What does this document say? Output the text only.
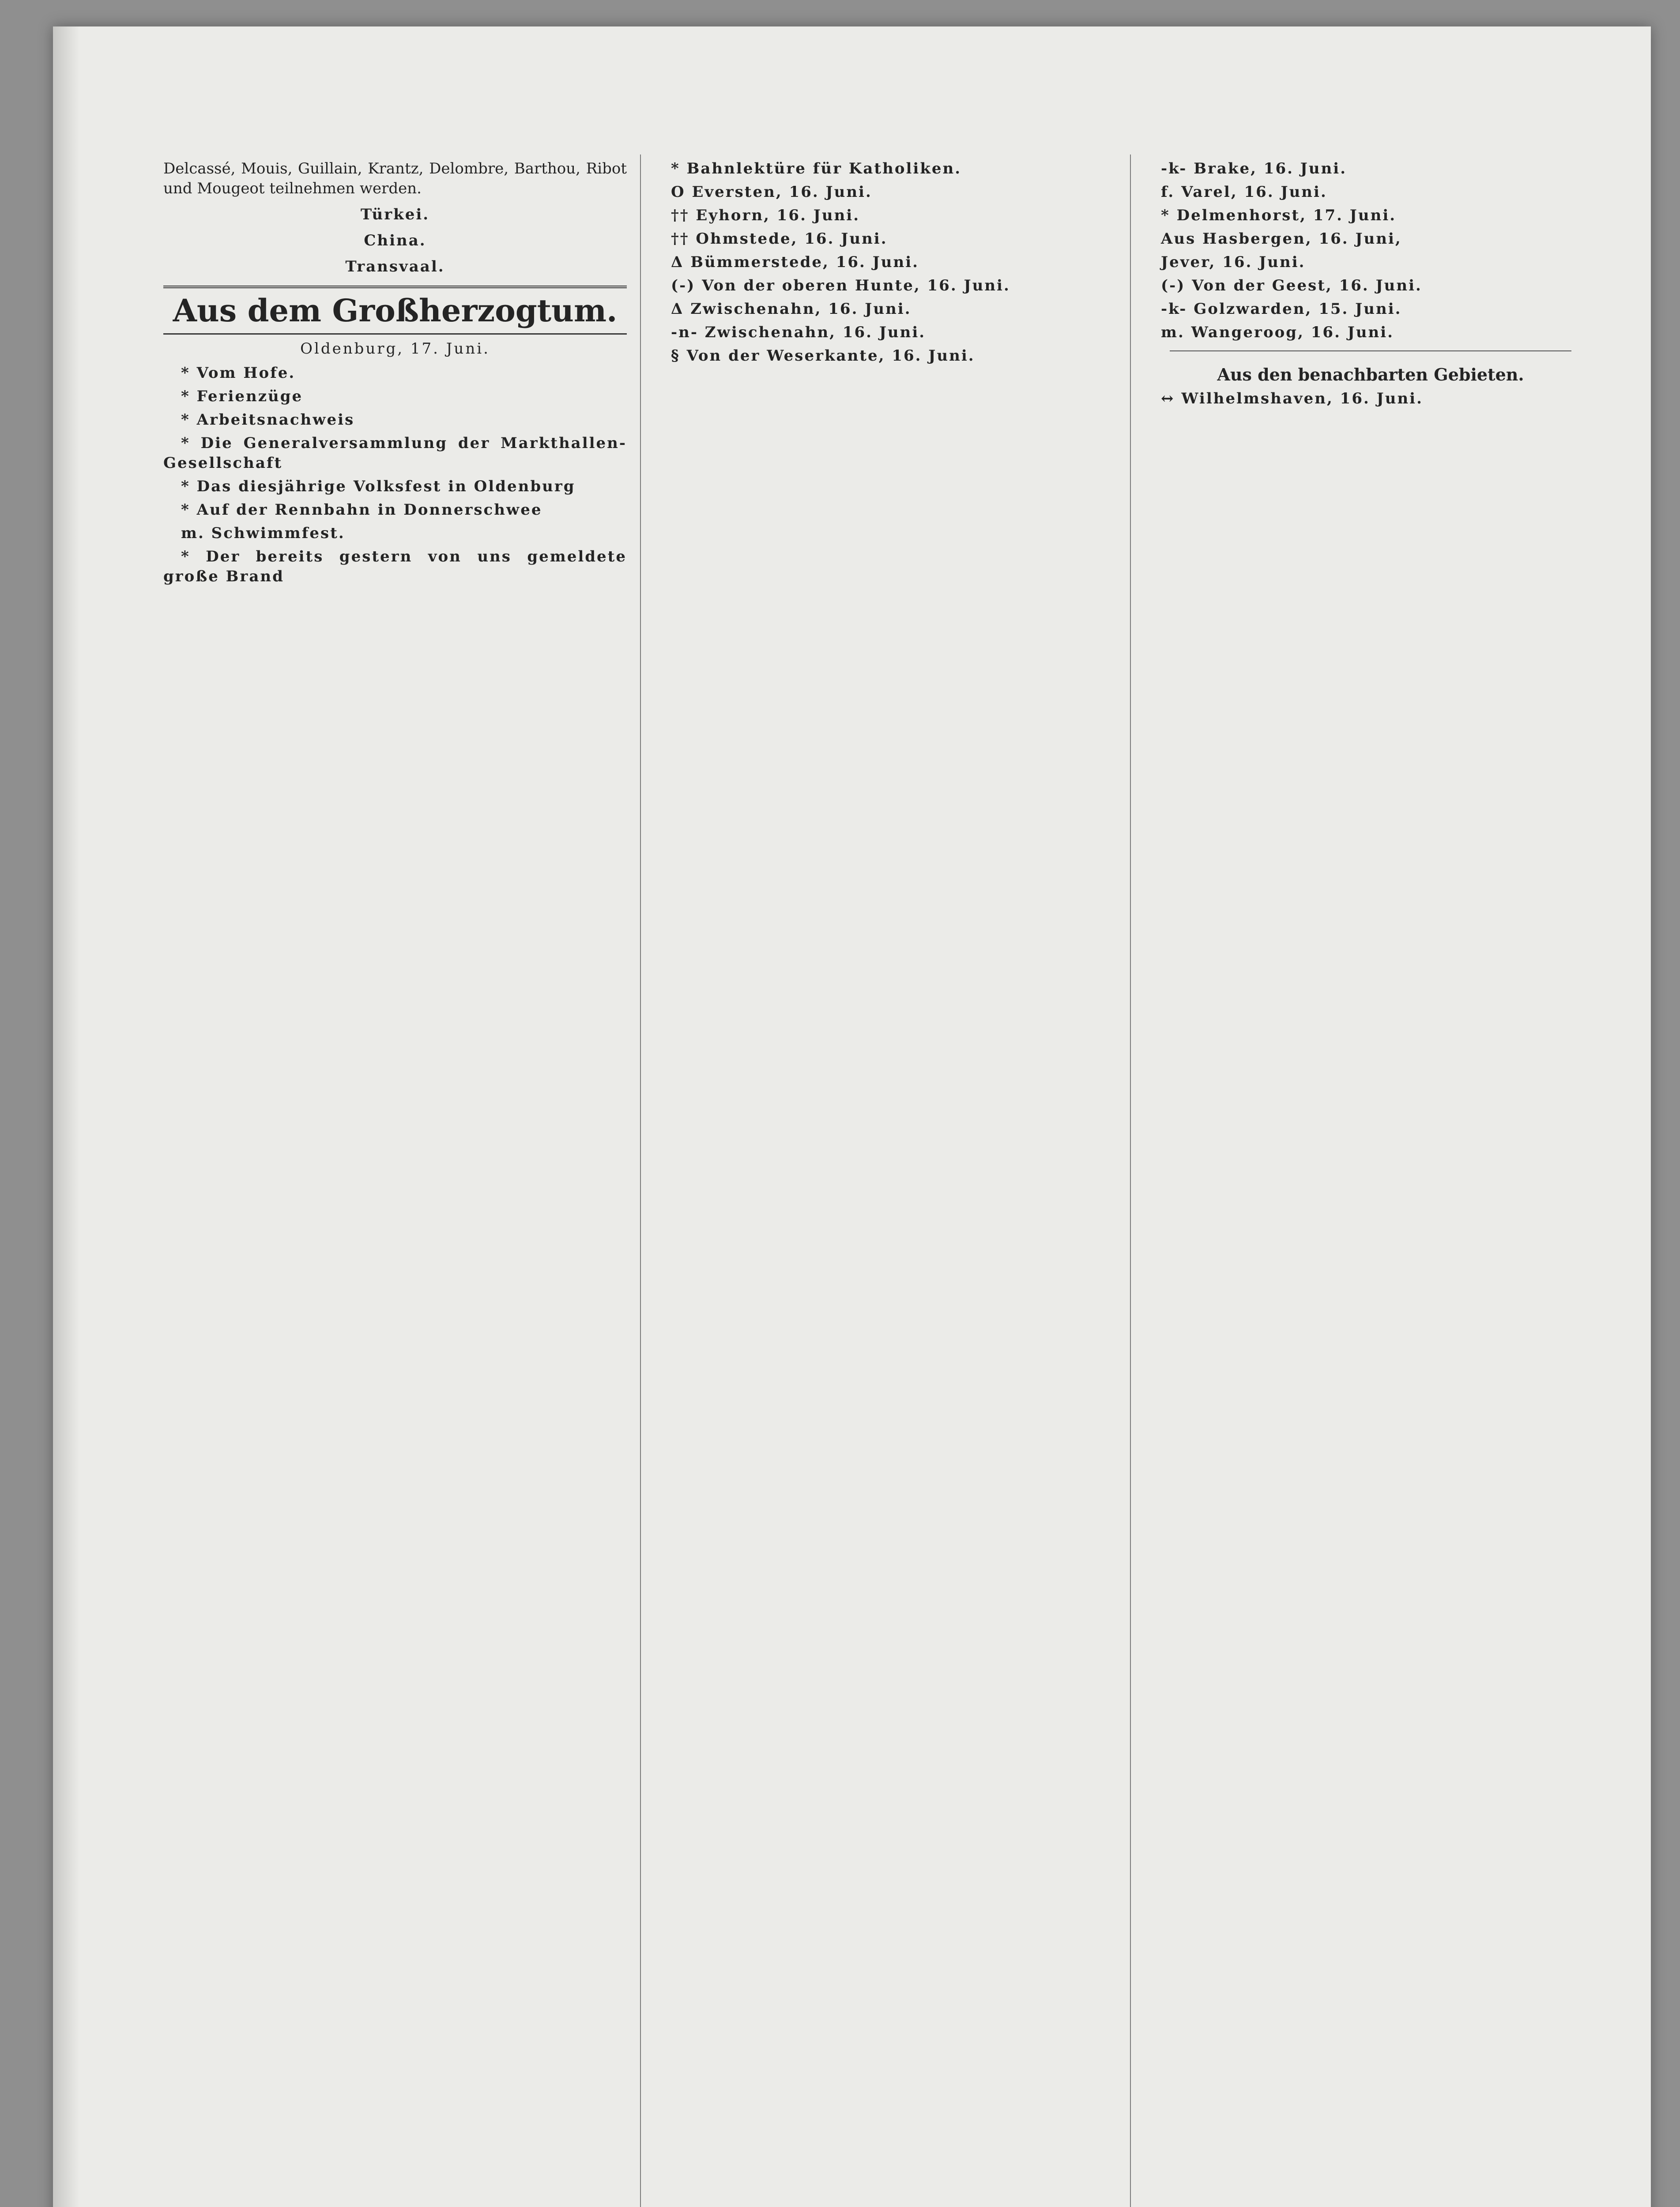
Delcassé, Mouis, Guillain, Krantz, Delombre, Barthou, Ribot und Mougeot teilnehmen werden.

Türkei.
China.
Transvaal.
Aus dem Großherzogtum.
Oldenburg, 17. Juni.

* Vom Hofe.

* Ferienzüge

* Arbeitsnachweis

* Die Generalversammlung der Markthallen-Gesellschaft

* Das diesjährige Volksfest in Oldenburg

* Auf der Rennbahn in Donnerschwee

m. Schwimmfest.

* Der bereits gestern von uns gemeldete große Brand

* Bahnlektüre für Katholiken.

O Eversten, 16. Juni.

†† Eyhorn, 16. Juni.

†† Ohmstede, 16. Juni.

Δ Bümmerstede, 16. Juni.

(-) Von der oberen Hunte, 16. Juni.

Δ Zwischenahn, 16. Juni.

-n- Zwischenahn, 16. Juni.

§ Von der Weserkante, 16. Juni.

-k- Brake, 16. Juni.

f. Varel, 16. Juni.

* Delmenhorst, 17. Juni.

Aus Hasbergen, 16. Juni,

Jever, 16. Juni.

(-) Von der Geest, 16. Juni.

-k- Golzwarden, 15. Juni.

m. Wangeroog, 16. Juni.

Aus den benachbarten Gebieten.

↔ Wilhelmshaven, 16. Juni.
